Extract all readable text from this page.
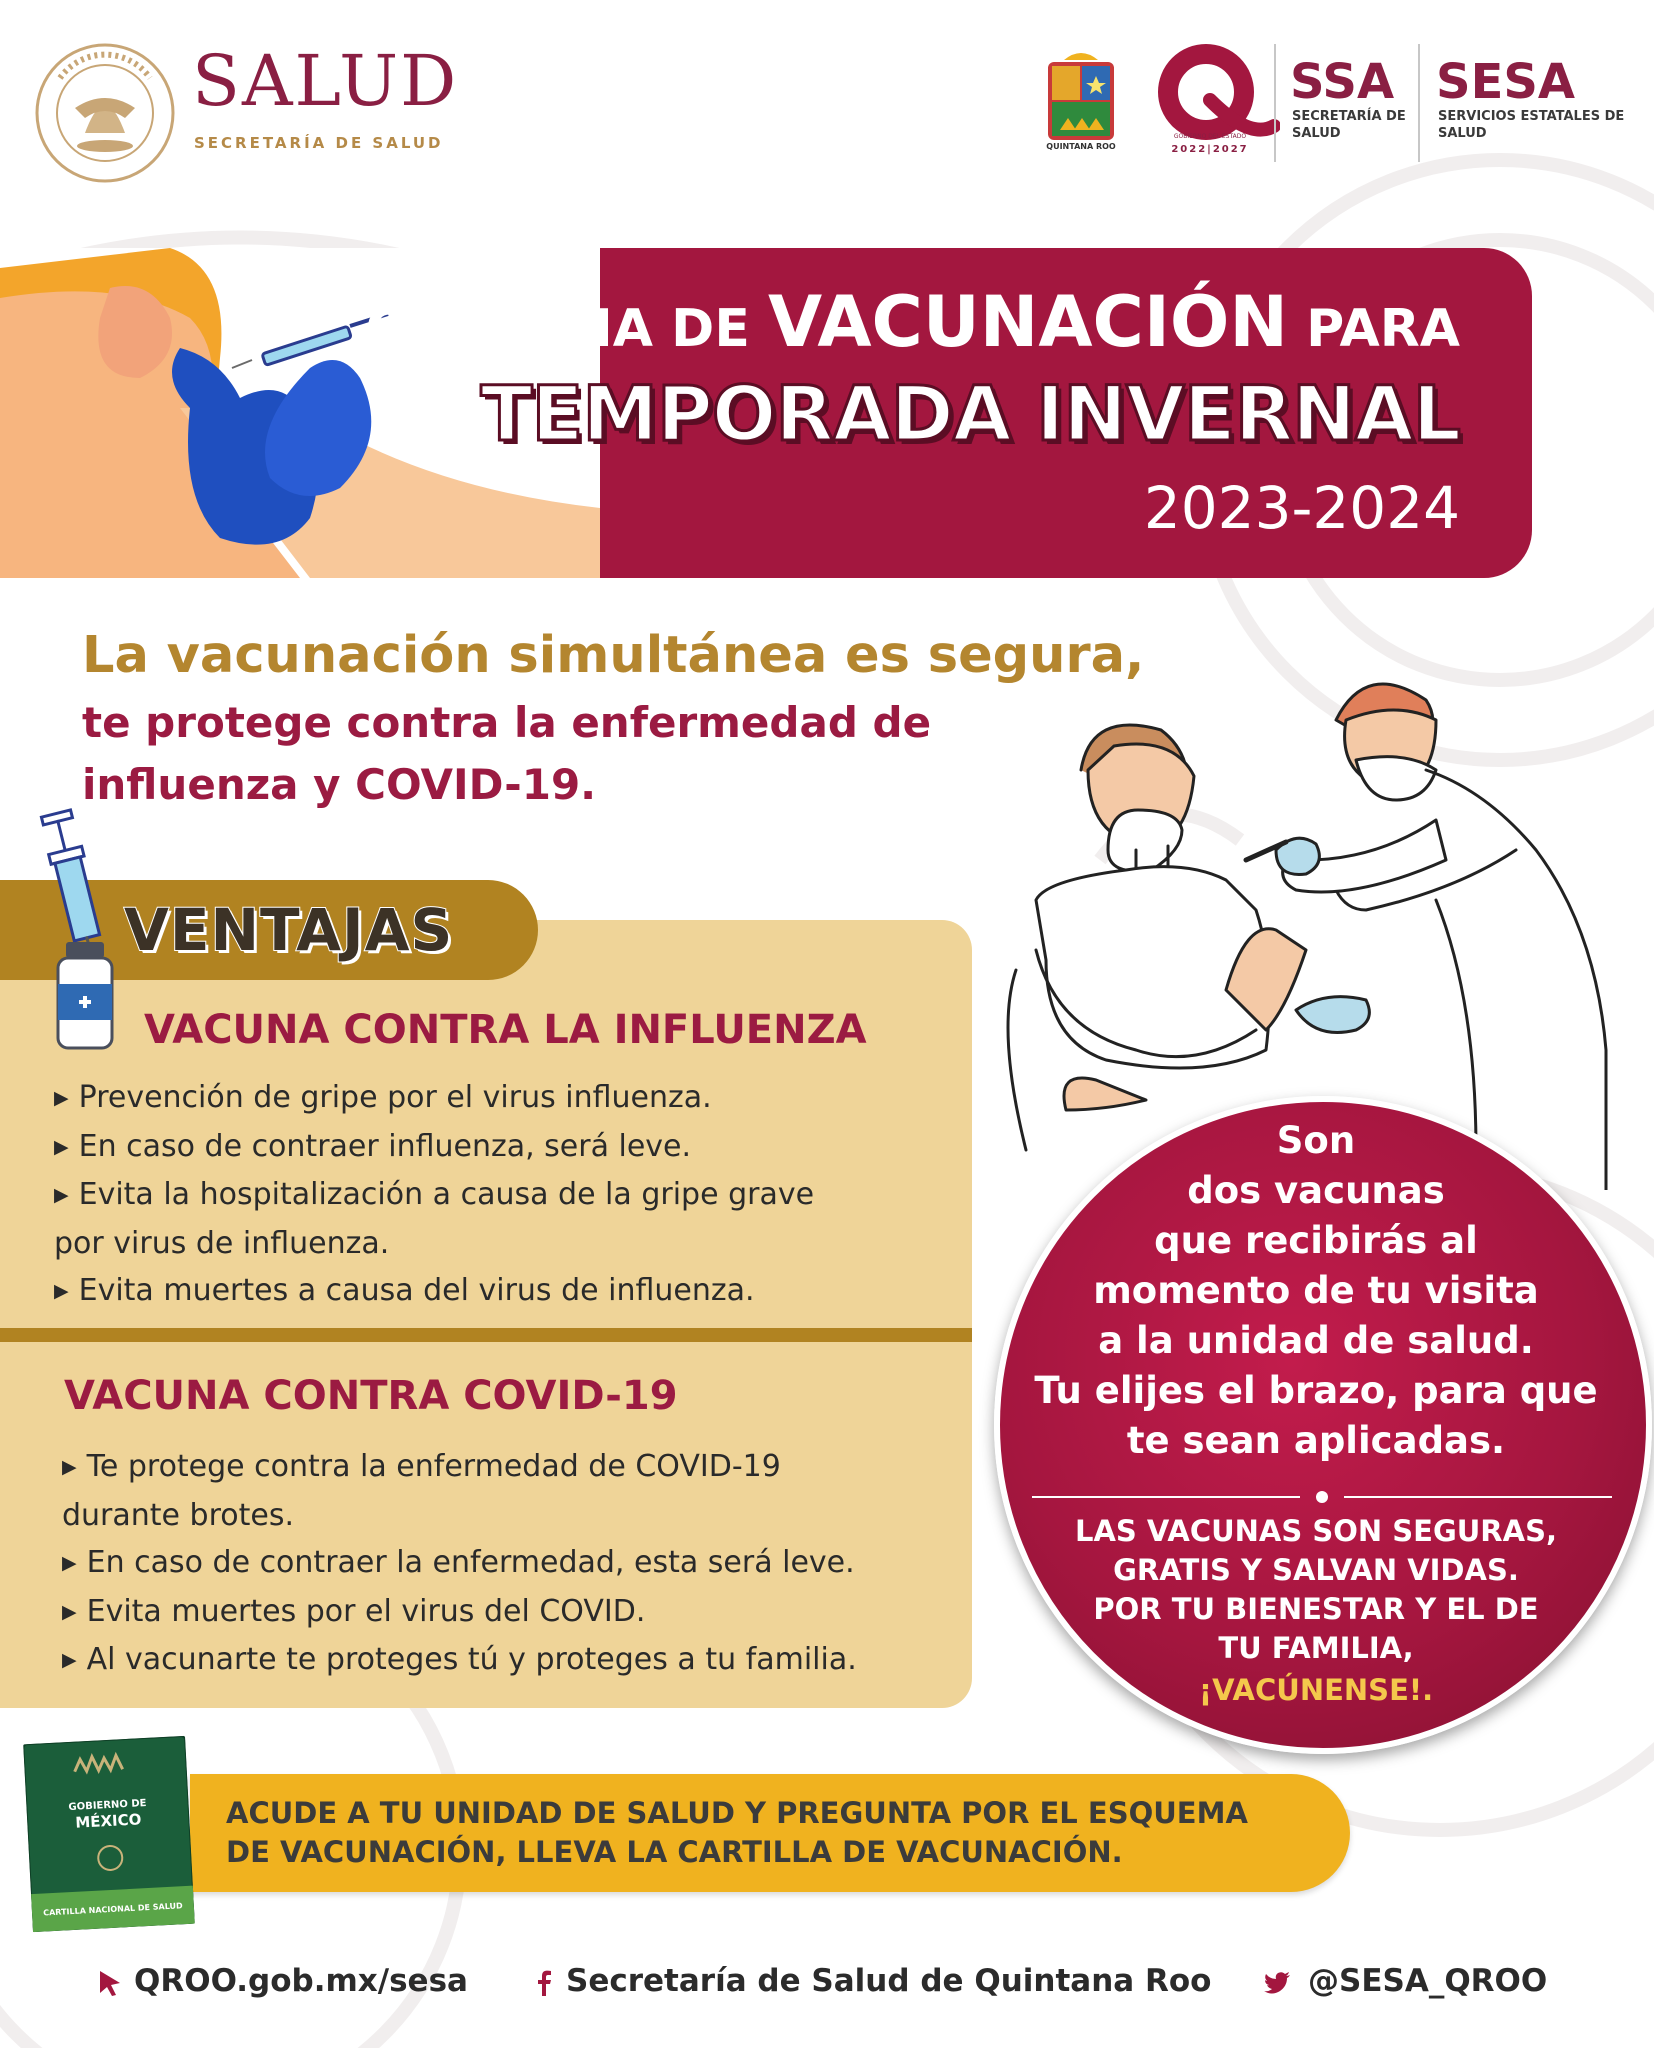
SALUD
SECRETARÍA DE SALUD	QUINTANA ROO
GOBIERNO DEL ESTADO
2022|2027
SSA
SECRETARÍA DE SALUD
SESA
SERVICIOS ESTATALES DE SALUD
CAMPAÑA DE VACUNACIÓN PARA
TEMPORADA INVERNAL
2023-2024
La vacunación simultánea es segura,
te protege contra la enfermedad de
influenza y COVID-19.
VENTAJAS
VACUNA CONTRA LA INFLUENZA
▶ Prevención de gripe por el virus influenza.
▶ En caso de contraer influenza, será leve.
▶ Evita la hospitalización a causa de la gripe grave
por virus de influenza.
▶ Evita muertes a causa del virus de influenza.
VACUNA CONTRA COVID-19
▶ Te protege contra la enfermedad de COVID-19
durante brotes.
▶ En caso de contraer la enfermedad, esta será leve.
▶ Evita muertes por el virus del COVID.
▶ Al vacunarte te proteges tú y proteges a tu familia.
Son
dos vacunas
que recibirás al
momento de tu visita
a la unidad de salud.
Tu elijes el brazo, para que
te sean aplicadas.
LAS VACUNAS SON SEGURAS,
GRATIS Y SALVAN VIDAS.
POR TU BIENESTAR Y EL DE
TU FAMILIA,
¡VACÚNENSE!.
ACUDE A TU UNIDAD DE SALUD Y PREGUNTA POR EL ESQUEMA
DE VACUNACIÓN, LLEVA LA CARTILLA DE VACUNACIÓN.
GOBIERNO DE
MÉXICO
CARTILLA NACIONAL DE SALUD
QROO.gob.mx/sesa	Secretaría de Salud de Quintana Roo	@SESA_QROO
